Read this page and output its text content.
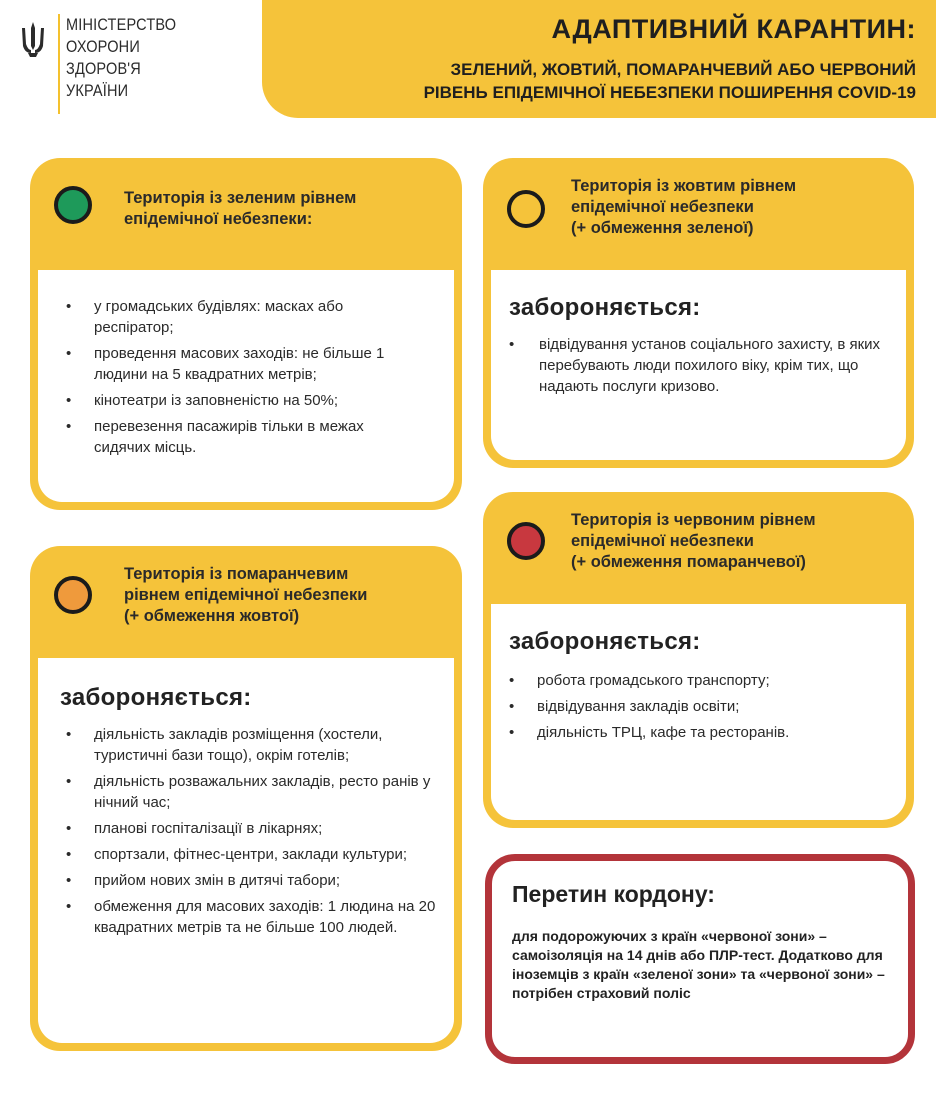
МІНІСТЕРСТВО
ОХОРОНИ
ЗДОРОВ'Я
УКРАЇНИ
АДАПТИВНИЙ КАРАНТИН:
ЗЕЛЕНИЙ, ЖОВТИЙ, ПОМАРАНЧЕВИЙ АБО ЧЕРВОНИЙ
РІВЕНЬ ЕПІДЕМІЧНОЇ НЕБЕЗПЕКИ ПОШИРЕННЯ COVID-19
Територія із зеленим рівнем
епідемічної небезпеки:
• у громадських будівлях: масках або респіратор;
• проведення масових заходів: не більше 1 людини на 5 квадратних метрів;
• кінотеатри із заповненістю на 50%;
• перевезення пасажирів тільки в межах сидячих місць.
Територія із жовтим рівнем
епідемічної небезпеки
(+ обмеження зеленої)
забороняється:
• відвідування установ соціального захисту, в яких перебувають люди похилого віку, крім тих, що надають послуги кризово.
Територія із помаранчевим
рівнем епідемічної небезпеки
(+ обмеження жовтої)
забороняється:
• діяльність закладів розміщення (хостели, туристичні бази тощо), окрім готелів;
• діяльність розважальних закладів, ресто ранів у нічний час;
• планові госпіталізації в лікарнях;
• спортзали, фітнес-центри, заклади культури;
• прийом нових змін в дитячі табори;
• обмеження для масових заходів: 1 людина на 20 квадратних метрів та не більше 100 людей.
Територія із червоним рівнем
епідемічної небезпеки
(+ обмеження помаранчевої)
забороняється:
• робота громадського транспорту;
• відвідування закладів освіти;
• діяльність ТРЦ, кафе та ресторанів.
Перетин кордону:
для подорожуючих з країн «червоної зони» – самоізоляція на 14 днів або ПЛР-тест. Додатково для іноземців з країн «зеленої зони» та «червоної зони» – потрібен страховий поліс
